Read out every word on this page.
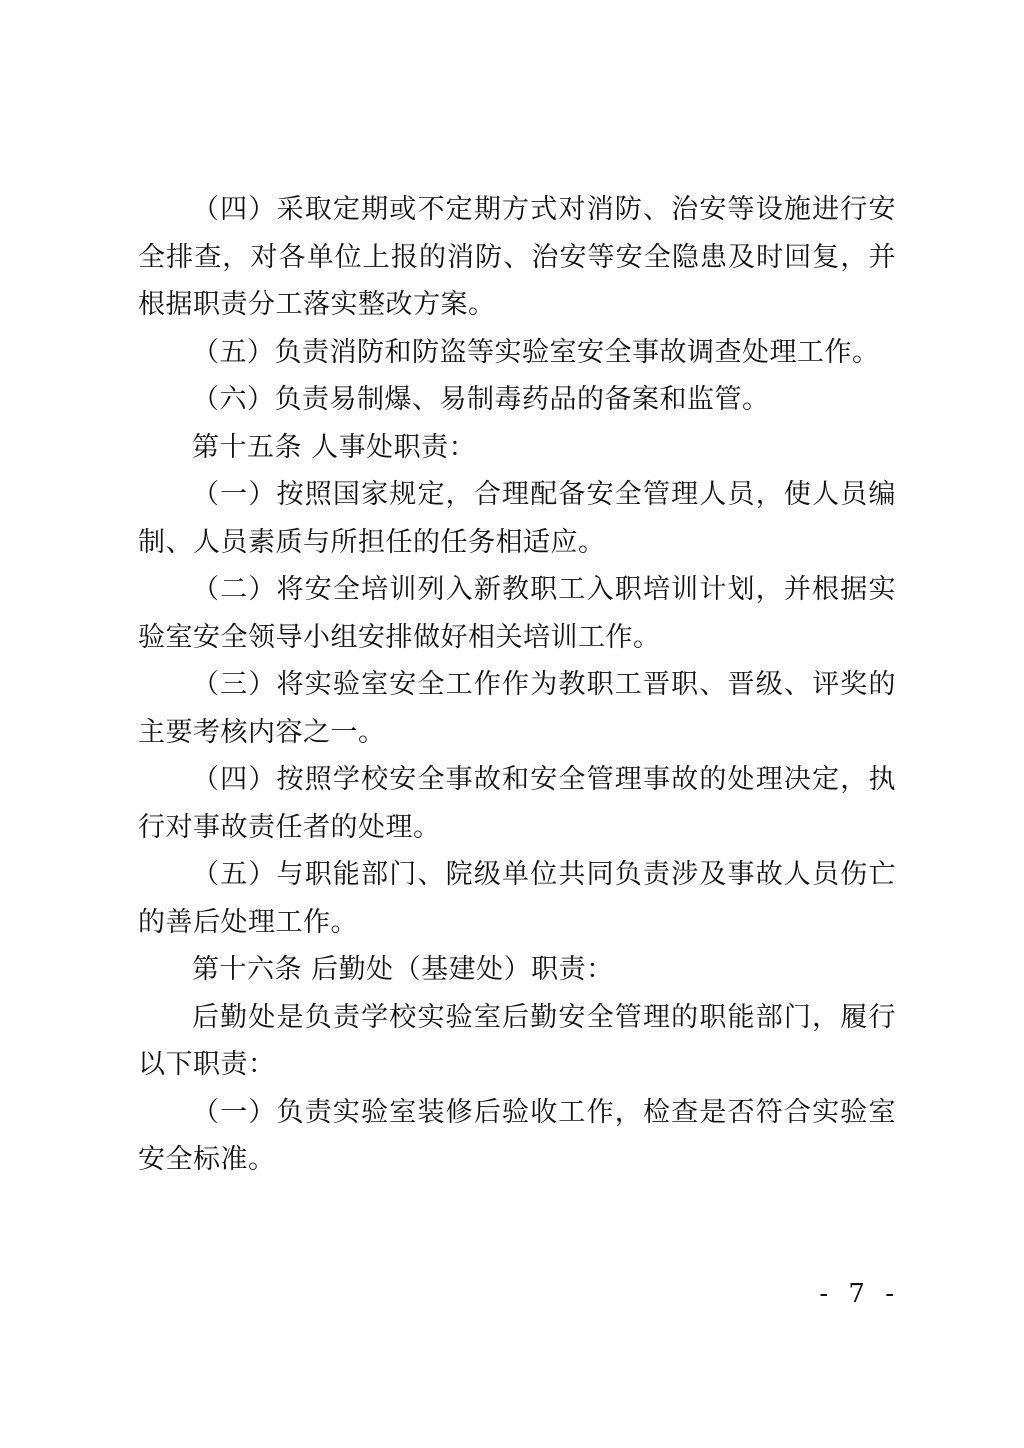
（四）采取定期或不定期方式对消防、治安等设施进行安全排查，对各单位上报的消防、治安等安全隐患及时回复，并根据职责分工落实整改方案。

（五）负责消防和防盗等实验室安全事故调查处理工作。

（六）负责易制爆、易制毒药品的备案和监管。

第十五条 人事处职责：

（一）按照国家规定，合理配备安全管理人员，使人员编制、人员素质与所担任的任务相适应。

（二）将安全培训列入新教职工入职培训计划，并根据实验室安全领导小组安排做好相关培训工作。

（三）将实验室安全工作作为教职工晋职、晋级、评奖的主要考核内容之一。

（四）按照学校安全事故和安全管理事故的处理决定，执行对事故责任者的处理。

（五）与职能部门、院级单位共同负责涉及事故人员伤亡的善后处理工作。

第十六条 后勤处（基建处）职责：

后勤处是负责学校实验室后勤安全管理的职能部门，履行以下职责：

（一）负责实验室装修后验收工作，检查是否符合实验室安全标准。

- 7 -
